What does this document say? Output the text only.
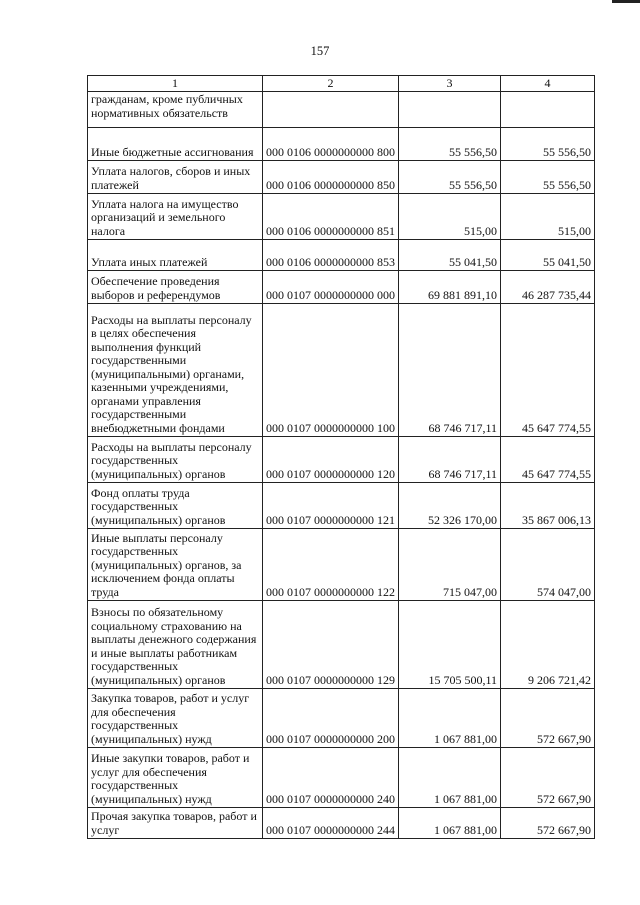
157
1	2	3	4
гражданам, кроме публичных нормативных обязательств			
Иные бюджетные ассигнования	000 0106 0000000000 800	55 556,50	55 556,50
Уплата налогов, сборов и иных платежей	000 0106 0000000000 850	55 556,50	55 556,50
Уплата налога на имущество организаций и земельного налога	000 0106 0000000000 851	515,00	515,00
Уплата иных платежей	000 0106 0000000000 853	55 041,50	55 041,50
Обеспечение проведения выборов и референдумов	000 0107 0000000000 000	69 881 891,10	46 287 735,44
Расходы на выплаты персоналу в целях обеспечения выполнения функций государственными (муниципальными) органами, казенными учреждениями, органами управления государственными внебюджетными фондами	000 0107 0000000000 100	68 746 717,11	45 647 774,55
Расходы на выплаты персоналу государственных (муниципальных) органов	000 0107 0000000000 120	68 746 717,11	45 647 774,55
Фонд оплаты труда государственных (муниципальных) органов	000 0107 0000000000 121	52 326 170,00	35 867 006,13
Иные выплаты персоналу государственных (муниципальных) органов, за исключением фонда оплаты труда	000 0107 0000000000 122	715 047,00	574 047,00
Взносы по обязательному социальному страхованию на выплаты денежного содержания и иные выплаты работникам государственных (муниципальных) органов	000 0107 0000000000 129	15 705 500,11	9 206 721,42
Закупка товаров, работ и услуг для обеспечения государственных (муниципальных) нужд	000 0107 0000000000 200	1 067 881,00	572 667,90
Иные закупки товаров, работ и услуг для обеспечения государственных (муниципальных) нужд	000 0107 0000000000 240	1 067 881,00	572 667,90
Прочая закупка товаров, работ и услуг	000 0107 0000000000 244	1 067 881,00	572 667,90
